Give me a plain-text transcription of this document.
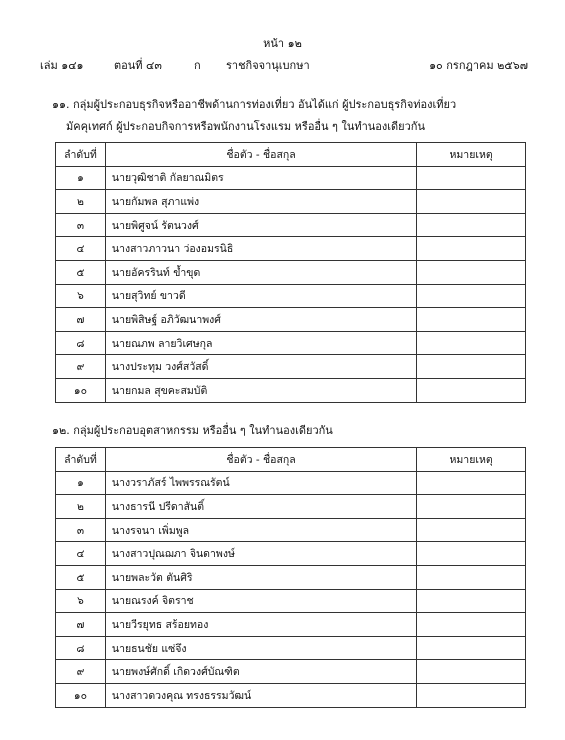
หน้า ๑๒
เล่ม ๑๔๑	ตอนที่ ๔๓	ก ราชกิจจานุเบกษา	๑๐ กรกฎาคม ๒๕๖๗
๑๑. กลุ่มผู้ประกอบธุรกิจหรืออาชีพด้านการท่องเที่ยว อันได้แก่ ผู้ประกอบธุรกิจท่องเที่ยว
มัคคุเทศก์ ผู้ประกอบกิจการหรือพนักงานโรงแรม หรืออื่น ๆ ในทำนองเดียวกัน
ลำดับที่	ชื่อตัว - ชื่อสกุล	หมายเหตุ
๑	นายวุฒิชาติ กัลยาณมิตร	
๒	นายกัมพล สุภาแพ่ง	
๓	นายพิศูจน์ รัตนวงศ์	
๔	นางสาวภาวนา ว่องอมรนิธิ	
๕	นายอัครรินท์ ข้ำขุด	
๖	นายสุวิทย์ ขาวดี	
๗	นายพิสิษฐ์ อภิวัฒนาพงศ์	
๘	นายณภพ ลายวิเศษกุล	
๙	นางประทุม วงศ์สวัสดิ์	
๑๐	นายกมล สุขคะสมบัติ	
๑๒. กลุ่มผู้ประกอบอุตสาหกรรม หรืออื่น ๆ ในทำนองเดียวกัน
ลำดับที่	ชื่อตัว - ชื่อสกุล	หมายเหตุ
๑	นางวราภัสร์ ไพพรรณรัตน์	
๒	นางธารนี ปรีดาสันติ์	
๓	นางรจนา เพิ่มพูล	
๔	นางสาวปุณฌภา จินดาพงษ์	
๕	นายพละวัต ตันศิริ	
๖	นายณรงค์ จิตราช	
๗	นายวีรยุทธ สร้อยทอง	
๘	นายธนชัย แซ่จึง	
๙	นายพงษ์ศักดิ์ เกิดวงศ์บัณฑิต	
๑๐	นางสาวดวงคุณ ทรงธรรมวัฒน์	
